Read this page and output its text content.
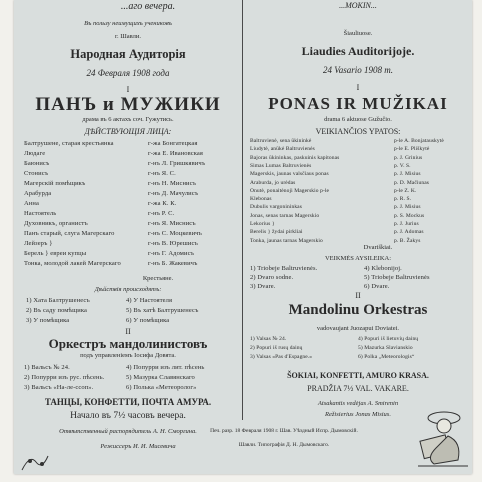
...аго вечера.
Въ пользу неимущихъ учениковъ
г. Шавли.
Народная Аудиторія
24 Февраля 1908 года
I
ПАНЪ и МУЖИКИ
драма въ 6 актахъ соч. Гужутись.
ДѢЙСТВУЮЩІЯ ЛИЦА:
Балтрушене, старая крестьянка	г-жа Бонгатецкая
Людаге	г-жа Е. Ивановская
Баюнисъ	г-нъ Л. Гришкявичъ
Стонисъ	г-нъ Я. С.
Магерскій помѣщикъ	г-нъ Н. Миснисъ
Арабурда	г-нъ Д. Мачулисъ
Анна	г-жа К. К.
Настоятель	г-нъ Р. С.
Духовникъ, органистъ	г-нъ Я. Миснисъ
Панъ старый, слуга Магерскаго	г-нъ С. Моцкевичъ
Лейзеръ }	г-нъ В. Юрешисъ
Берель } евреи купцы	г-нъ Г. Адомисъ
Тонка, молодой лакей Магерскаго	г-нъ Б. Жакевичъ
Крестьяне.
Дѣйствія происходятъ:
1) Хата Балтрушенесъ	4) У Настоятеля
2) Въ саду помѣщика	5) Въ хатѣ Балтрушенесъ
3) У помѣщика	6) У помѣщика
II
Оркестръ мандолинистовъ
подъ управленіемъ Іосифа Довята.
1) Вальсъ № 24.	4) Попурри изъ лит. пѣсень
2) Попурри изъ рус. пѣсень.	5) Мазурка Славянскаго
3) Вальсъ «На-ле-ссоп».	6) Полька «Метеоролог»
ТАНЦЫ, КОНФЕТТИ, ПОЧТА АМУРА.
Начало въ 7½ часовъ вечера.
Отвѣтственный распорядитель А. Н. Сморгина.
Режиссеръ И. И. Мисевича
...MOKIN...
Šiauliuose.
Liaudies Auditorijoje.
24 Vasario 1908 m.
I
PONAS IR MUŽIKAI
drama 6 aktuose Gužučio.
VEIKIANČIOS YPATOS:
Baltruvienė, sena ūkininkė	p-le A. Bonjatauskytė
Liudytė, anūkė Baltruvienės	p-le E. Pliškytė
Bajoras ūkininkas, paskuinis kapitonas	p. J. Grinius
Simas Lumas Baltruvienės	p. V. S.
Magerskis, jaunas valsčiaus ponas	p. J. Misius
Araburda, jo urėdas	p. D. Mačiunas
Onutė, ponaitėnoji Magerskio p-le	p-le Z. K.
Klebonas	p. R. S.
Dubulis vargonininkas	p. J. Misius
Jonas, senas tarnas Magerskio	p. S. Mockus
Lekorius }	p. J. Jurius
Berelis } žydai pirkliai	p. J. Adomas
Tonka, jaunas tarnas Magerskio	p. B. Žakys
Dvariškiai.
VEIKMĖS AYSILEIKA:
1) Triobeje Baltruvienės.	4) Klebonijoj.
2) Dvaro sodne.	5) Triobeje Baltruvienės
3) Dvare.	6) Dvare.
II
Mandolinu Orkestras
vadovaujant Juozapui Doviatei.
1) Valsas № 24.	4) Popuri iš lietuvių dainų
2) Popuri iš rusų dainų	5) Mazurka Slavianskio
3) Valsas «Pas d'Espagne.»	6) Polka „Meteorologis“
ŠOKIAI, KONFETTI, AMURO KRASA.
PRADŽIA 7½ VAL. VAKARE.
Atsakantis vedėjas A. Smirenin
Režisierius Jonas Misius.
Печ. разр. 18 Февраля 1908 г. Шав. Уѣздный Испр. Дымовскій.
Шавли. Типографія Д. Н. Дымовскаго.
